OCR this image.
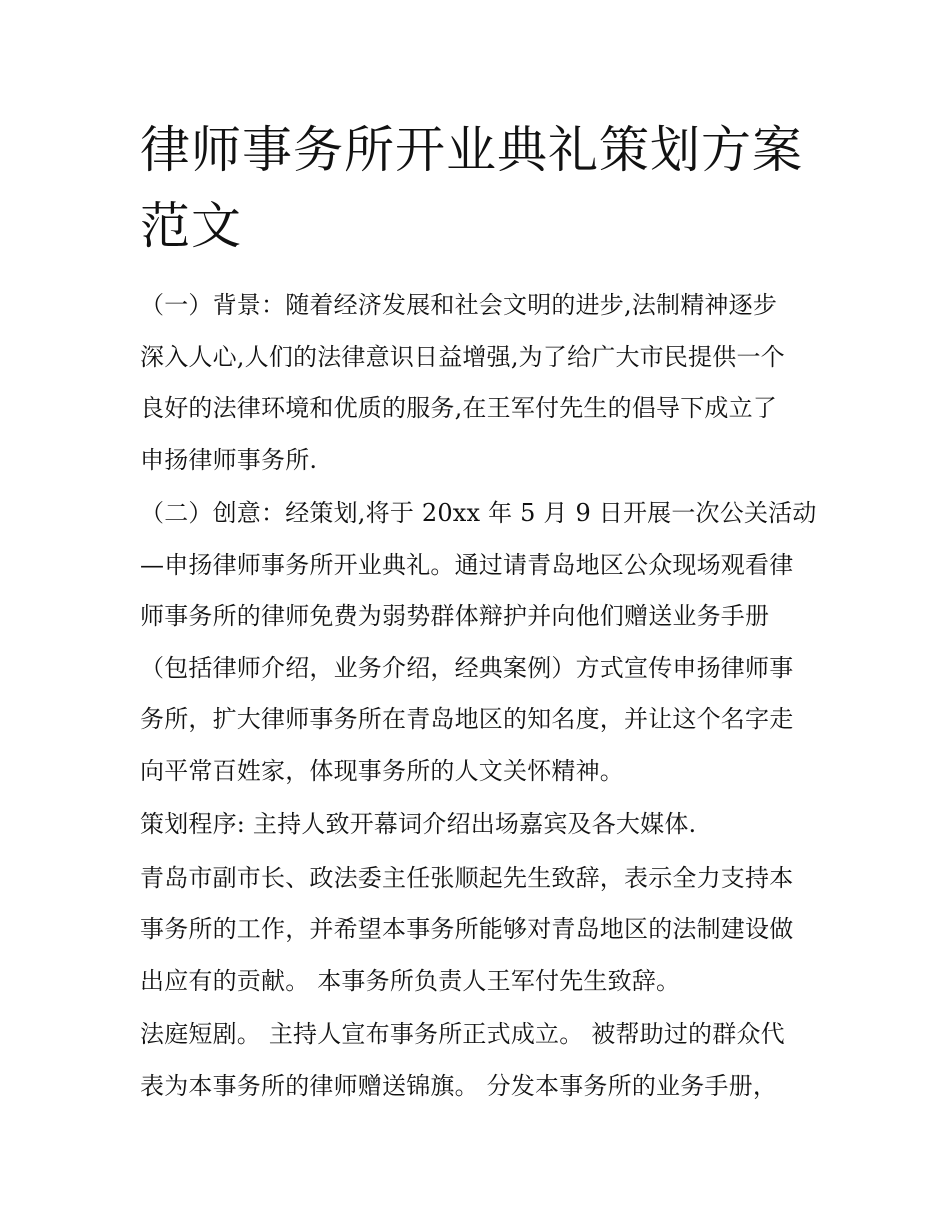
律师事务所开业典礼策划方案
范文

（一）背景：随着经济发展和社会文明的进步,法制精神逐步
深入人心,人们的法律意识日益增强,为了给广大市民提供一个
良好的法律环境和优质的服务,在王军付先生的倡导下成立了
申扬律师事务所.

（二）创意：经策划,将于 20xx 年 5 月 9 日开展一次公关活动
—申扬律师事务所开业典礼。通过请青岛地区公众现场观看律
师事务所的律师免费为弱势群体辩护并向他们赠送业务手册
（包括律师介绍，业务介绍，经典案例）方式宣传申扬律师事
务所，扩大律师事务所在青岛地区的知名度，并让这个名字走
向平常百姓家，体现事务所的人文关怀精神。

策划程序: 主持人致开幕词介绍出场嘉宾及各大媒体.

青岛市副市长、政法委主任张顺起先生致辞，表示全力支持本
事务所的工作，并希望本事务所能够对青岛地区的法制建设做
出应有的贡献。 本事务所负责人王军付先生致辞。

法庭短剧。 主持人宣布事务所正式成立。 被帮助过的群众代
表为本事务所的律师赠送锦旗。 分发本事务所的业务手册，
